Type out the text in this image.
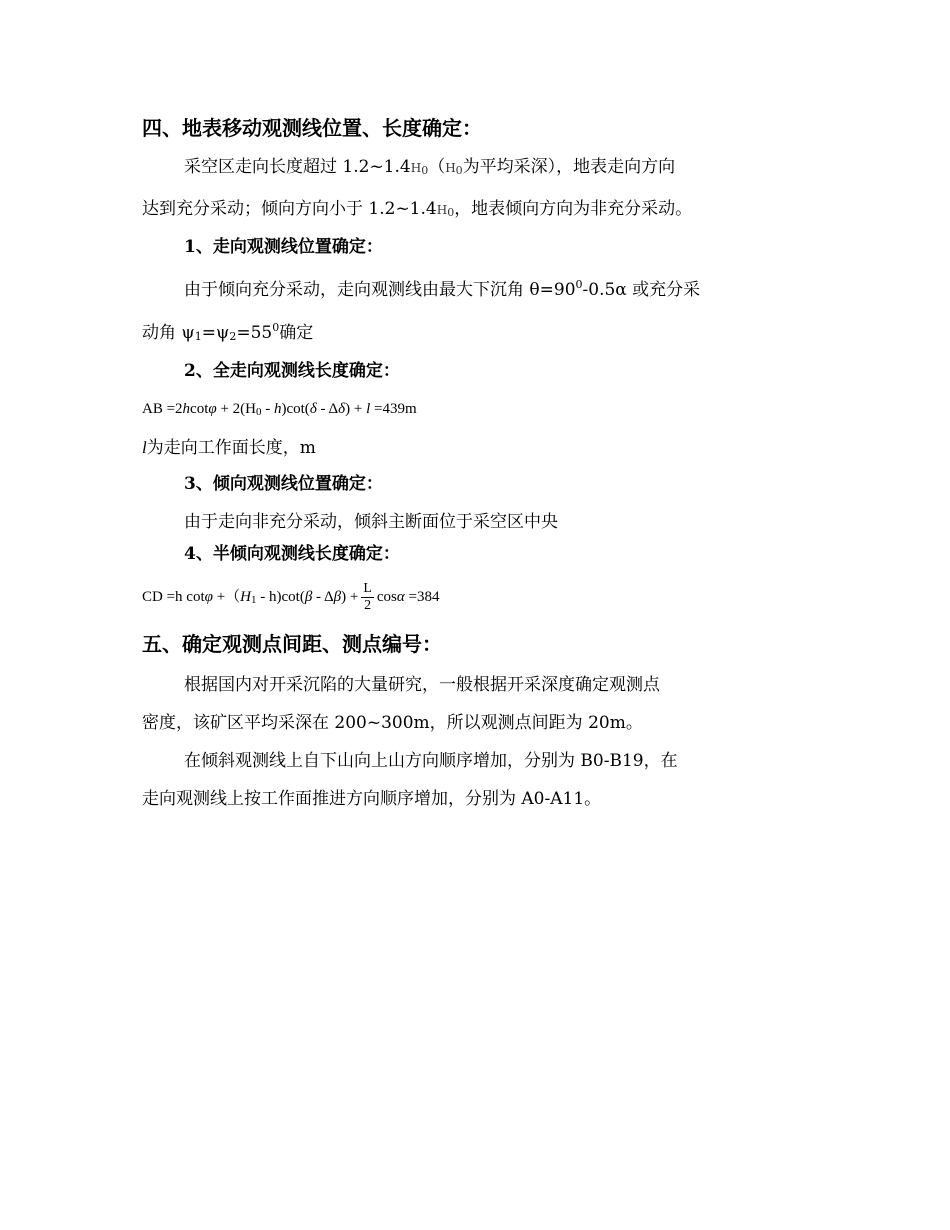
四、地表移动观测线位置、长度确定：
采空区走向长度超过 1.2~1.4H0（H0为平均采深），地表走向方向
达到充分采动；倾向方向小于 1.2~1.4H0，地表倾向方向为非充分采动。
1、走向观测线位置确定：
由于倾向充分采动，走向观测线由最大下沉角 $\theta=90^0-0.5\alpha$ 或充分采
动角 $\psi 1=\psi 2=55^0$确定
2、全走向观测线长度确定：
AB =2hcotφ + 2(H0 - h)cot(δ - Δδ) + l =439m
l为走向工作面长度，m
3、倾向观测线位置确定：
由于走向非充分采动，倾斜主断面位于采空区中央
4、半倾向观测线长度确定：
CD =h $\cot\varphi +(H1 - h)\cot(\beta - \Delta\beta) + \frac{L}{2}$ cosα =384
五、确定观测点间距、测点编号：
根据国内对开采沉陷的大量研究，一般根据开采深度确定观测点
密度，该矿区平均采深在 200~300m，所以观测点间距为 20m。
在倾斜观测线上自下山向上山方向顺序增加，分别为 B0-B19，在
走向观测线上按工作面推进方向顺序增加，分别为 A0-A11。
